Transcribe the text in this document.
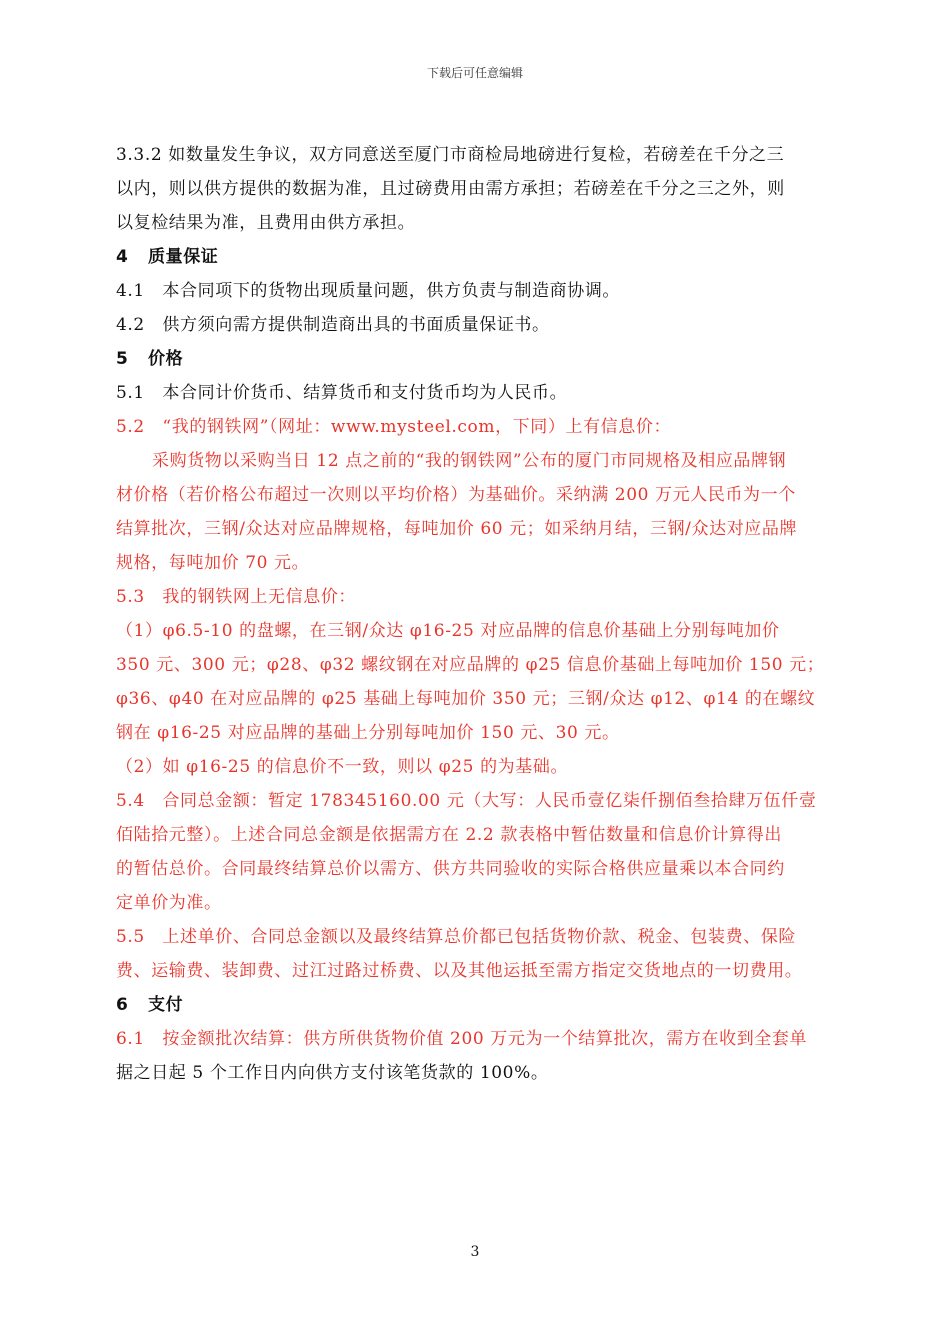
下载后可任意编辑
3.3.2 如数量发生争议，双方同意送至厦门市商检局地磅进行复检，若磅差在千分之三
以内，则以供方提供的数据为准，且过磅费用由需方承担；若磅差在千分之三之外，则
以复检结果为准，且费用由供方承担。
4 质量保证
4.1　本合同项下的货物出现质量问题，供方负责与制造商协调。
4.2　供方须向需方提供制造商出具的书面质量保证书。
5 价格
5.1　本合同计价货币、结算货币和支付货币均为人民币。
5.2　“我的钢铁网”（网址：www.mysteel.com，下同）上有信息价：
采购货物以采购当日 12 点之前的“我的钢铁网”公布的厦门市同规格及相应品牌钢
材价格（若价格公布超过一次则以平均价格）为基础价。采纳满 200 万元人民币为一个
结算批次，三钢/众达对应品牌规格，每吨加价 60 元；如采纳月结，三钢/众达对应品牌
规格，每吨加价 70 元。
5.3　我的钢铁网上无信息价：
（1）φ6.5-10 的盘螺，在三钢/众达 φ16-25 对应品牌的信息价基础上分别每吨加价
350 元、300 元；φ28、φ32 螺纹钢在对应品牌的 φ25 信息价基础上每吨加价 150 元；
φ36、φ40 在对应品牌的 φ25 基础上每吨加价 350 元；三钢/众达 φ12、φ14 的在螺纹
钢在 φ16-25 对应品牌的基础上分别每吨加价 150 元、30 元。
（2）如 φ16-25 的信息价不一致，则以 φ25 的为基础。
5.4　合同总金额：暂定 178345160.00 元（大写：人民币壹亿柒仟捌佰叁拾肆万伍仟壹
佰陆拾元整）。上述合同总金额是依据需方在 2.2 款表格中暂估数量和信息价计算得出
的暂估总价。合同最终结算总价以需方、供方共同验收的实际合格供应量乘以本合同约
定单价为准。
5.5　上述单价、合同总金额以及最终结算总价都已包括货物价款、税金、包装费、保险
费、运输费、装卸费、过江过路过桥费、以及其他运抵至需方指定交货地点的一切费用。
6 支付
6.1　按金额批次结算：供方所供货物价值 200 万元为一个结算批次，需方在收到全套单
据之日起 5 个工作日内向供方支付该笔货款的 100%。
3
